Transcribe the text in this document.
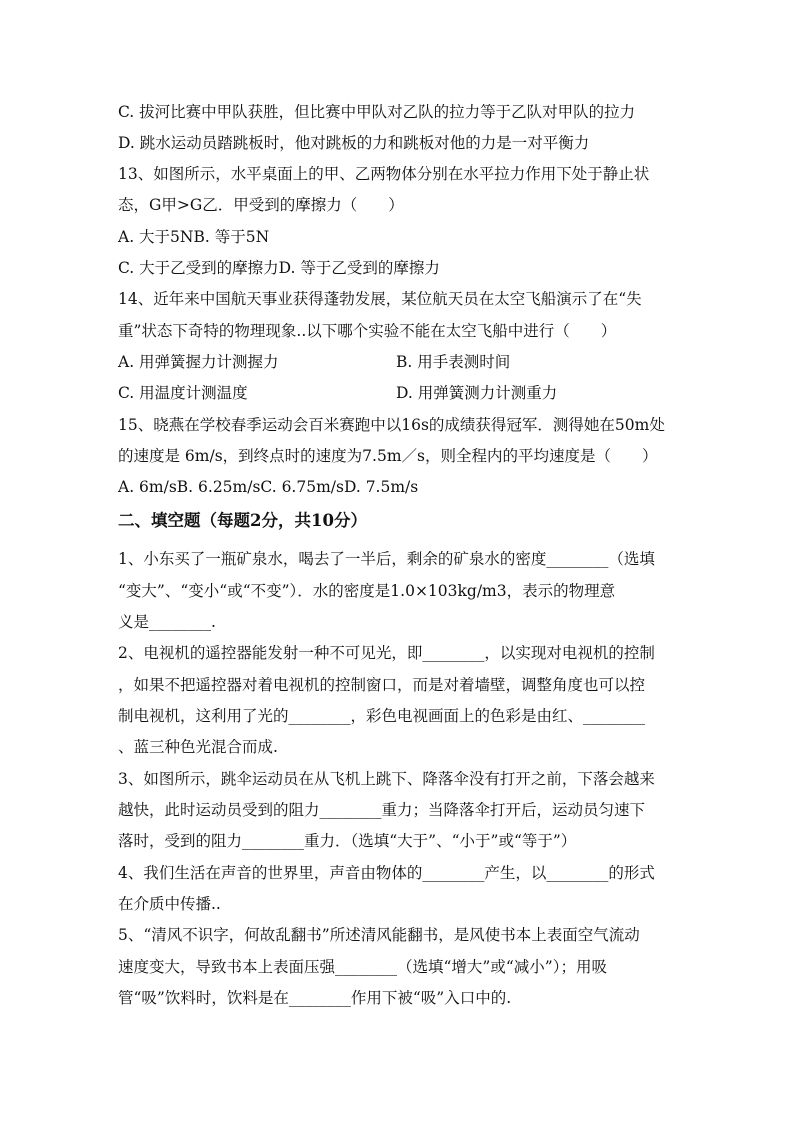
C. 拔河比赛中甲队获胜，但比赛中甲队对乙队的拉力等于乙队对甲队的拉力
D. 跳水运动员踏跳板时，他对跳板的力和跳板对他的力是一对平衡力
13、如图所示，水平桌面上的甲、乙两物体分别在水平拉力作用下处于静止状
态，G甲>G乙．甲受到的摩擦力（　　）
A. 大于5NB. 等于5N
C. 大于乙受到的摩擦力D. 等于乙受到的摩擦力
14、近年来中国航天事业获得蓬勃发展，某位航天员在太空飞船演示了在“失
重”状态下奇特的物理现象..以下哪个实验不能在太空飞船中进行（　　）
A. 用弹簧握力计测握力	B. 用手表测时间
C. 用温度计测温度	D. 用弹簧测力计测重力
15、晓燕在学校春季运动会百米赛跑中以16s的成绩获得冠军．测得她在50m处
的速度是 6m/s，到终点时的速度为7.5m／s，则全程内的平均速度是（　　）
A. 6m/sB. 6.25m/sC. 6.75m/sD. 7.5m/s
二、填空题（每题2分，共10分）
1、小东买了一瓶矿泉水，喝去了一半后，剩余的矿泉水的密度________（选填
“变大”、“变小“或“不变”）．水的密度是1.0×103kg/m3，表示的物理意
义是________.
2、电视机的遥控器能发射一种不可见光，即________，以实现对电视机的控制
，如果不把遥控器对着电视机的控制窗口，而是对着墙壁，调整角度也可以控
制电视机，这利用了光的________，彩色电视画面上的色彩是由红、________
、蓝三种色光混合而成.
3、如图所示，跳伞运动员在从飞机上跳下、降落伞没有打开之前，下落会越来
越快，此时运动员受到的阻力________重力；当降落伞打开后，运动员匀速下
落时，受到的阻力________重力．（选填“大于”、“小于”或“等于”）
4、我们生活在声音的世界里，声音由物体的________产生，以________的形式
在介质中传播..
5、“清风不识字，何故乱翻书”所述清风能翻书，是风使书本上表面空气流动
速度变大，导致书本上表面压强________（选填“增大”或“减小”）；用吸
管“吸”饮料时，饮料是在________作用下被“吸”入口中的.
